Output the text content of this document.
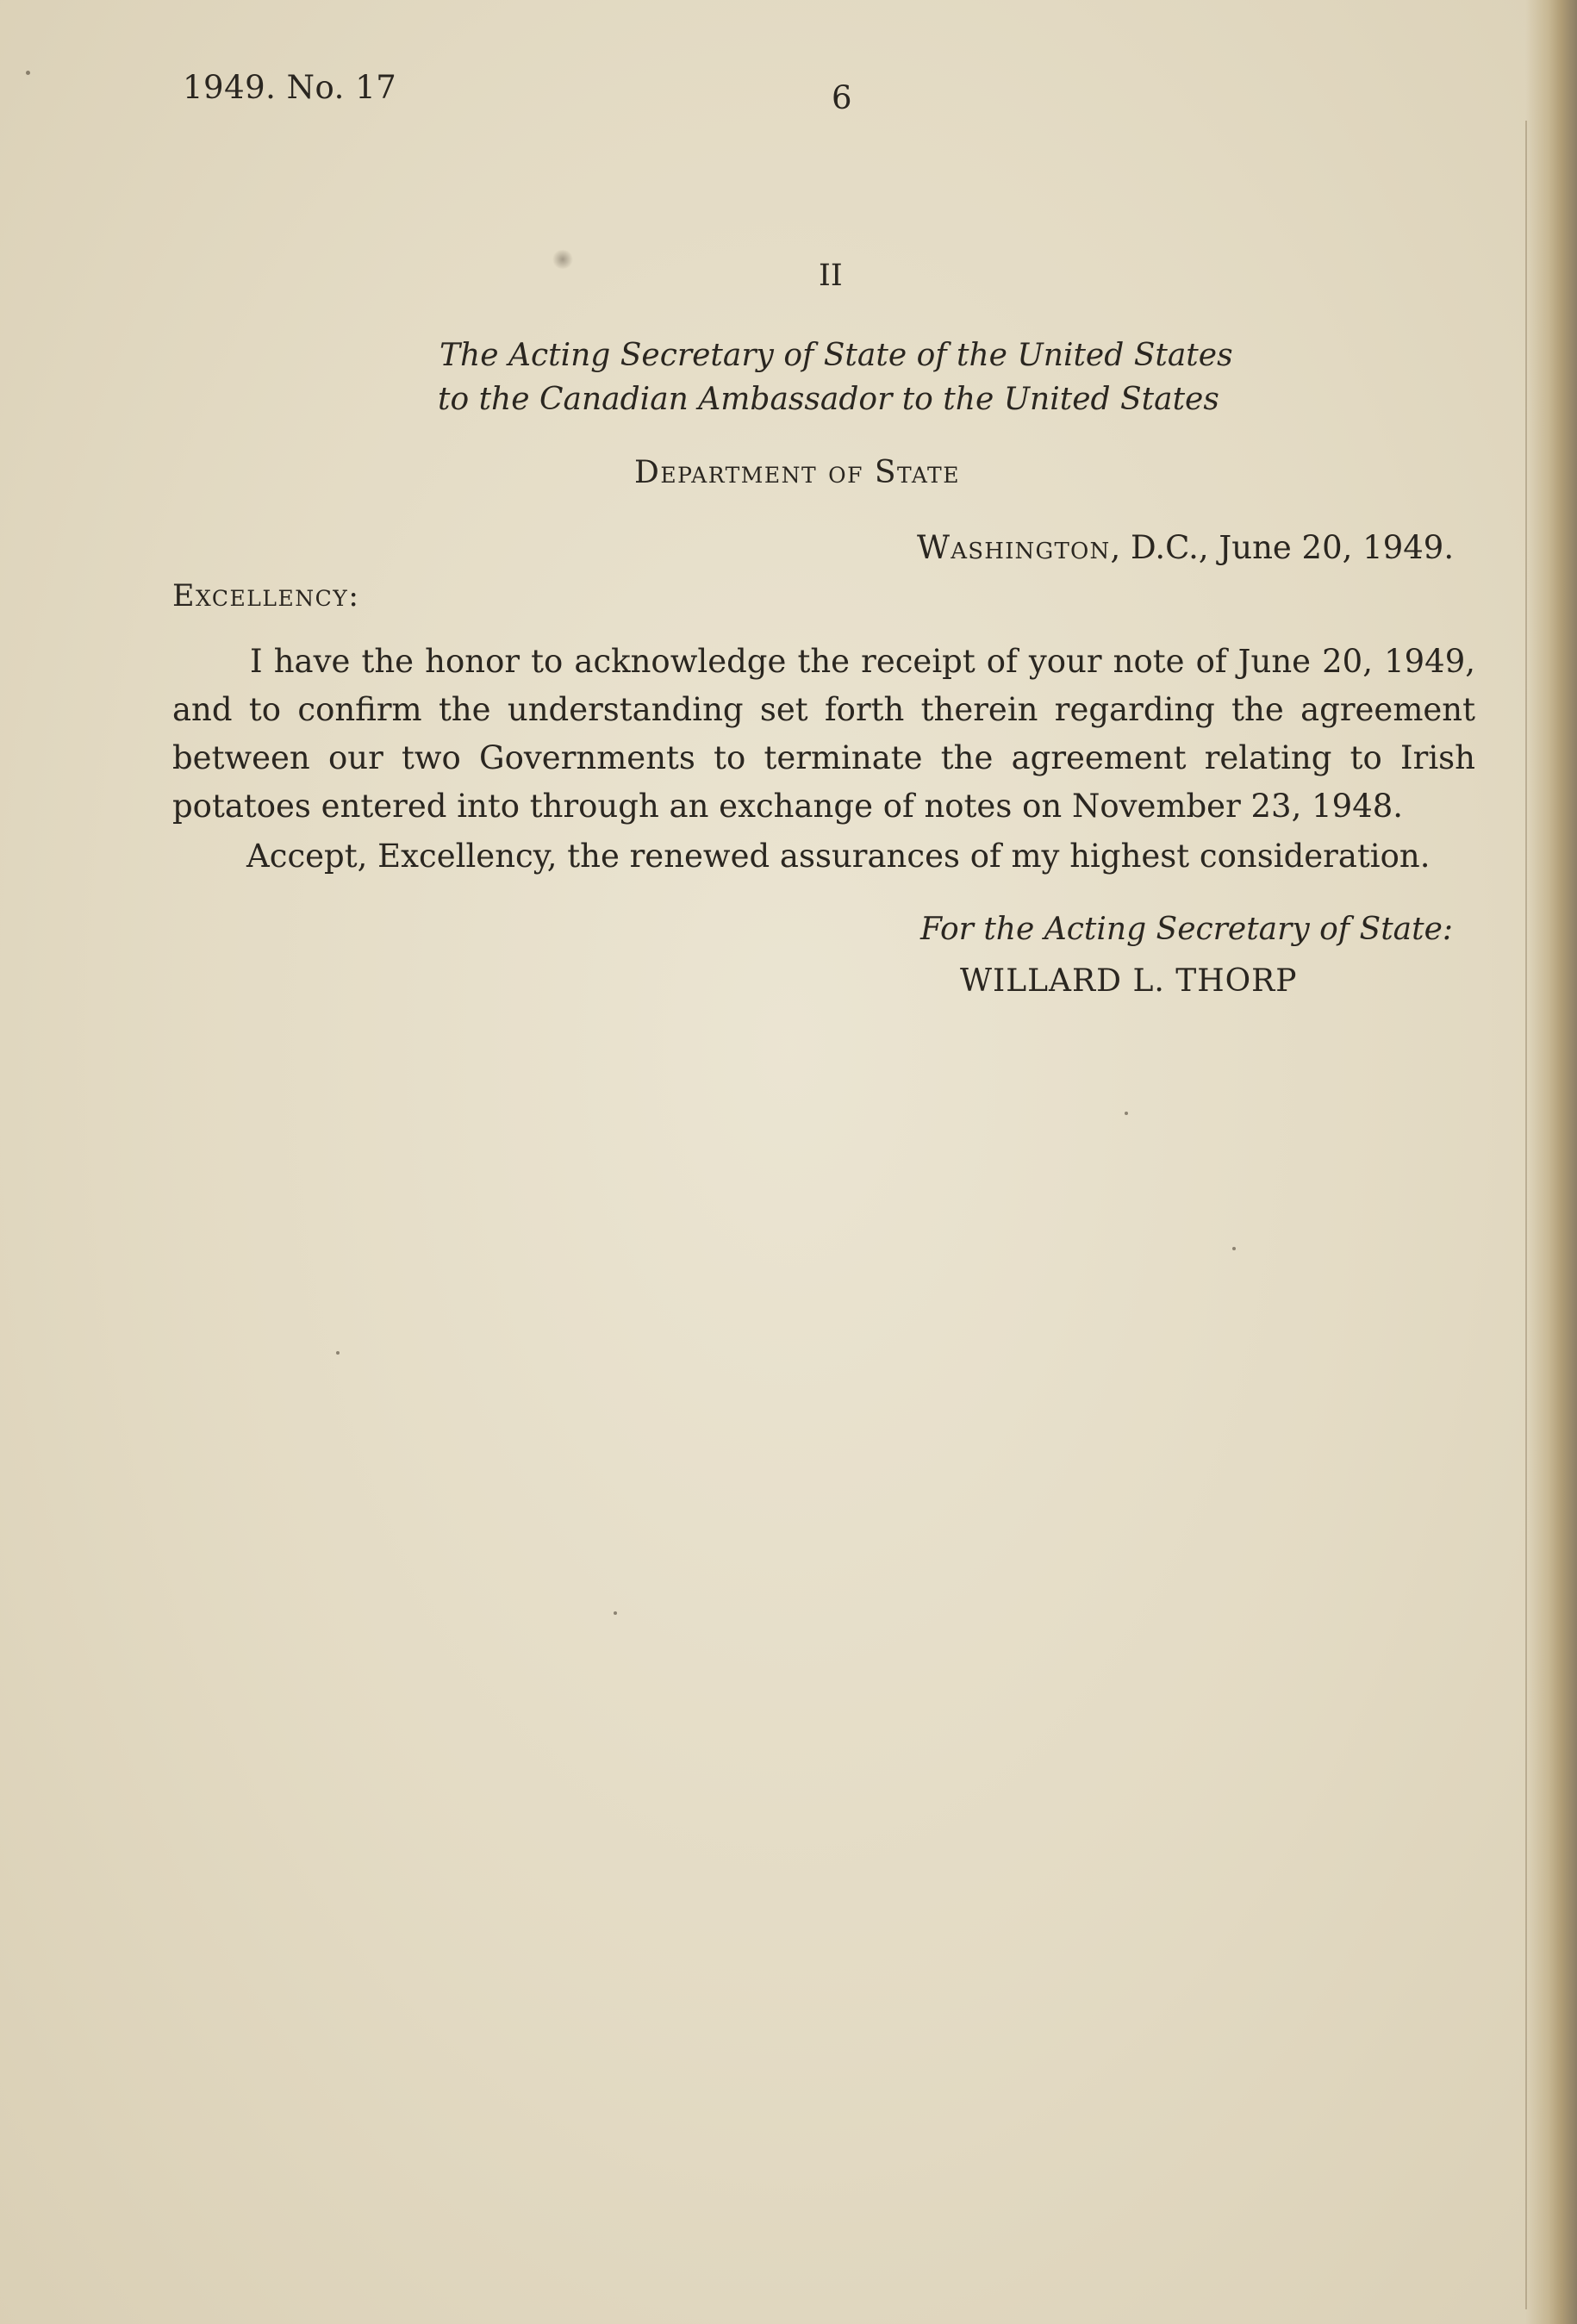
1949. No. 17	6
II
The Acting Secretary of State of the United States
to the Canadian Ambassador to the United States
Department of State
Washington, D.C., June 20, 1949.
Excellency:
I have the honor to acknowledge the receipt of your note of June 20, 1949, and to confirm the understanding set forth therein regarding the agreement between our two Governments to terminate the agreement relating to Irish potatoes entered into through an exchange of notes on November 23, 1948.
Accept, Excellency, the renewed assurances of my highest consideration.
For the Acting Secretary of State:
WILLARD L. THORP
